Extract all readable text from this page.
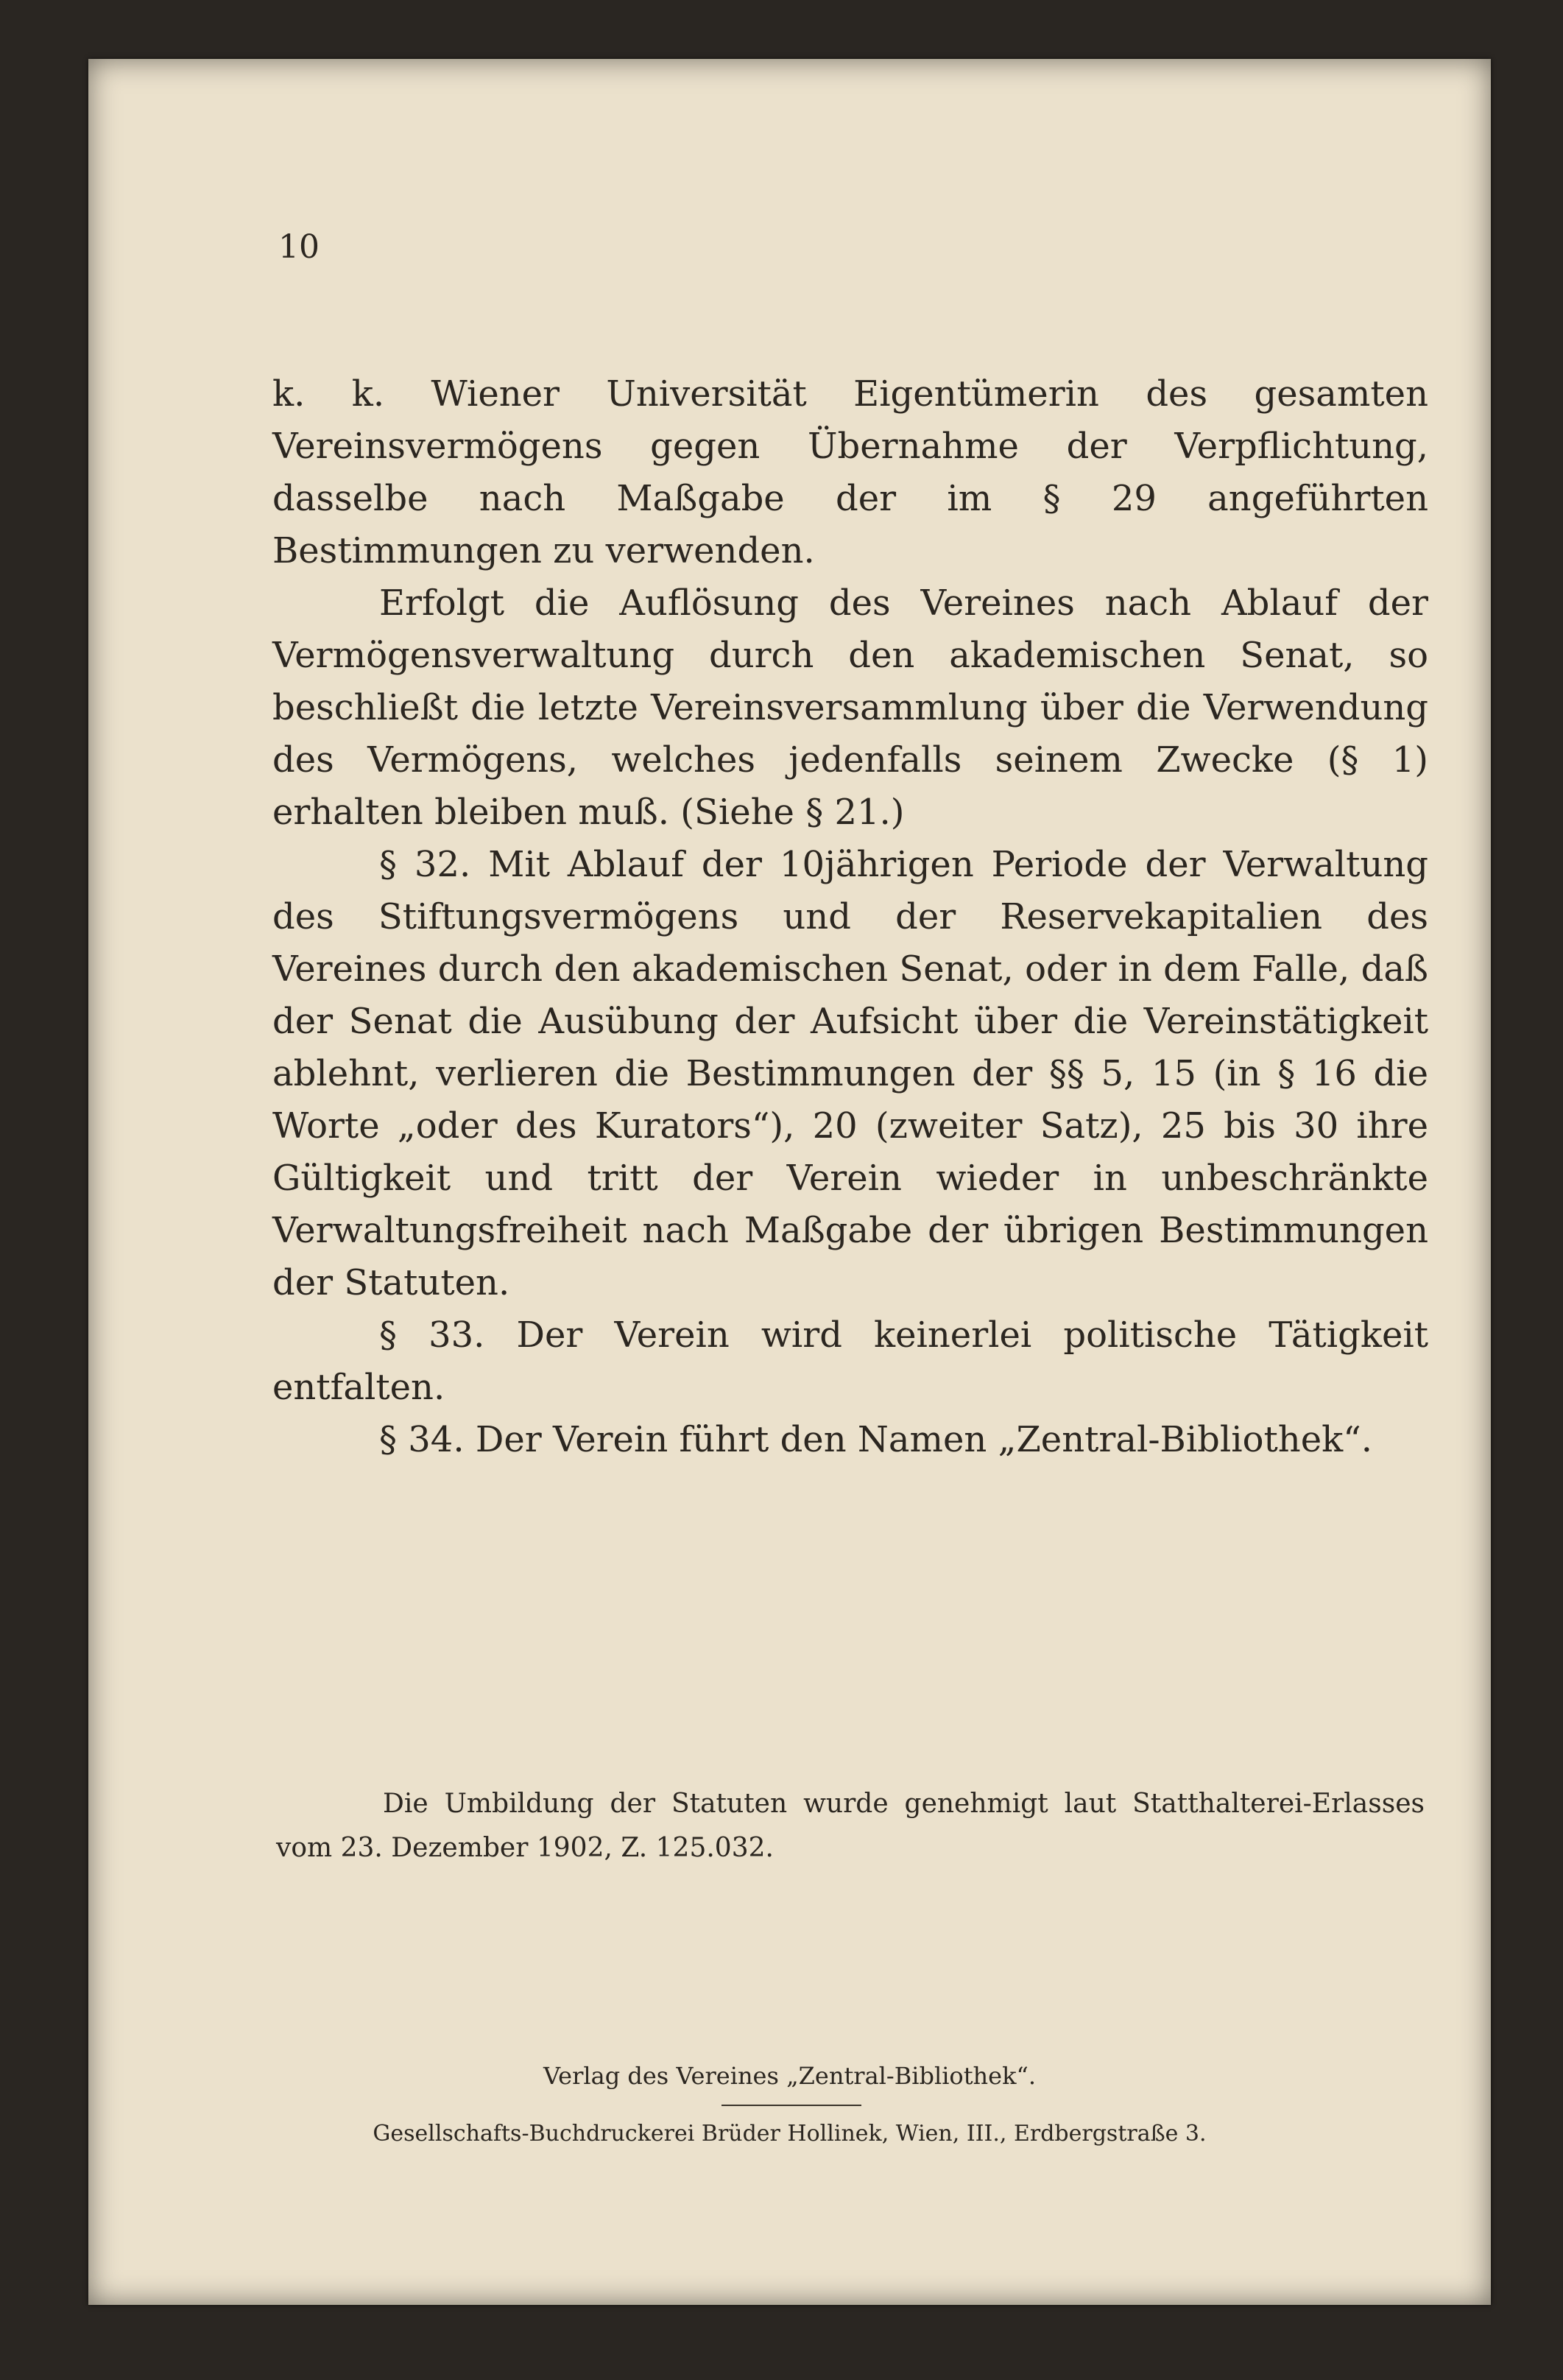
10

k. k. Wiener Universität Eigentümerin des gesamten Vereinsvermögens gegen Übernahme der Verpflichtung, dasselbe nach Maßgabe der im § 29 angeführten Bestimmungen zu verwenden.

Erfolgt die Auflösung des Vereines nach Ablauf der Vermögensverwaltung durch den akademischen Senat, so beschließt die letzte Vereinsversammlung über die Verwendung des Vermögens, welches jedenfalls seinem Zwecke (§ 1) erhalten bleiben muß. (Siehe § 21.)

§ 32. Mit Ablauf der 10jährigen Periode der Verwaltung des Stiftungsvermögens und der Reservekapitalien des Vereines durch den akademischen Senat, oder in dem Falle, daß der Senat die Ausübung der Aufsicht über die Vereinstätigkeit ablehnt, verlieren die Bestimmungen der §§ 5, 15 (in § 16 die Worte „oder des Kurators“), 20 (zweiter Satz), 25 bis 30 ihre Gültigkeit und tritt der Verein wieder in unbeschränkte Verwaltungsfreiheit nach Maßgabe der übrigen Bestimmungen der Statuten.

§ 33. Der Verein wird keinerlei politische Tätigkeit entfalten.

§ 34. Der Verein führt den Namen „Zentral-Bibliothek“.

Die Umbildung der Statuten wurde genehmigt laut Statthalterei-Erlasses vom 23. Dezember 1902, Z. 125.032.
Verlag des Vereines „Zentral-Bibliothek“.
Gesellschafts-Buchdruckerei Brüder Hollinek, Wien, III., Erdbergstraße 3.
